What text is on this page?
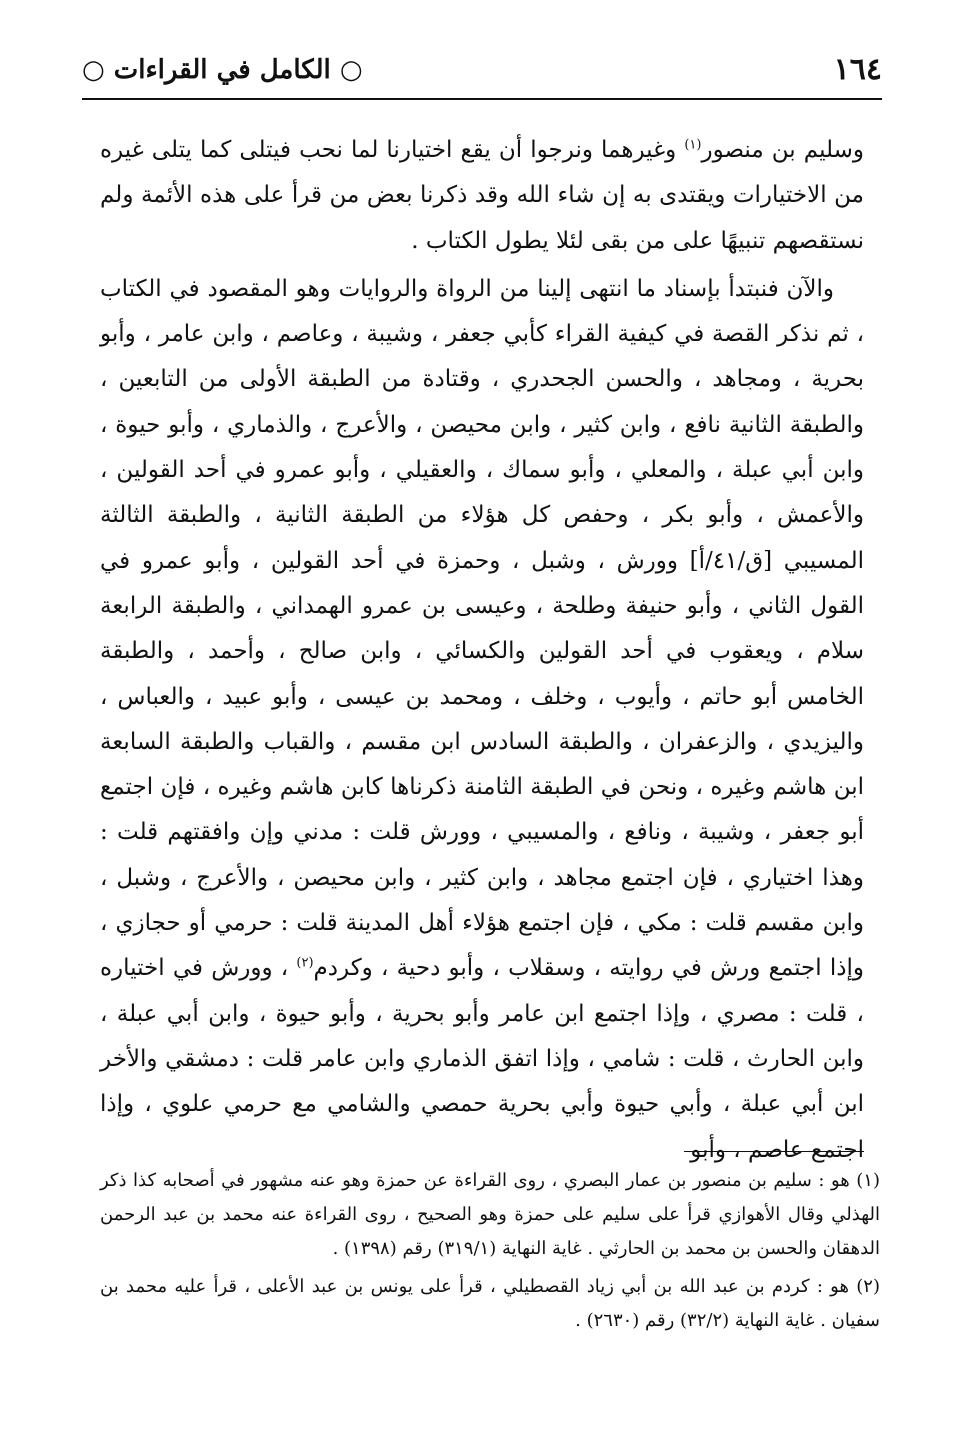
١٦٤
○ الكامل في القراءات ○

وسليم بن منصور$^{(١)}$ وغيرهما ونرجوا أن يقع اختيارنا لما نحب فيتلى كما يتلى غيره من الاختيارات ويقتدى به إن شاء الله وقد ذكرنا بعض من قرأ على هذه الأئمة ولم نستقصهم تنبيهًا على من بقى لئلا يطول الكتاب .

والآن فنبتدأ بإسناد ما انتهى إلينا من الرواة والروايات وهو المقصود في الكتاب ، ثم نذكر القصة في كيفية القراء كأبي جعفر ، وشيبة ، وعاصم ، وابن عامر ، وأبو بحرية ، ومجاهد ، والحسن الجحدري ، وقتادة من الطبقة الأولى من التابعين ، والطبقة الثانية نافع ، وابن كثير ، وابن محيصن ، والأعرج ، والذماري ، وأبو حيوة ، وابن أبي عبلة ، والمعلي ، وأبو سماك ، والعقيلي ، وأبو عمرو في أحد القولين ، والأعمش ، وأبو بكر ، وحفص كل هؤلاء من الطبقة الثانية ، والطبقة الثالثة المسيبي [ق/٤١/أ] وورش ، وشبل ، وحمزة في أحد القولين ، وأبو عمرو في القول الثاني ، وأبو حنيفة وطلحة ، وعيسى بن عمرو الهمداني ، والطبقة الرابعة سلام ، ويعقوب في أحد القولين والكسائي ، وابن صالح ، وأحمد ، والطبقة الخامس أبو حاتم ، وأيوب ، وخلف ، ومحمد بن عيسى ، وأبو عبيد ، والعباس ، واليزيدي ، والزعفران ، والطبقة السادس ابن مقسم ، والقباب والطبقة السابعة ابن هاشم وغيره ، ونحن في الطبقة الثامنة ذكرناها كابن هاشم وغيره ، فإن اجتمع أبو جعفر ، وشيبة ، ونافع ، والمسيبي ، وورش قلت : مدني وإن وافقتهم قلت : وهذا اختياري ، فإن اجتمع مجاهد ، وابن كثير ، وابن محيصن ، والأعرج ، وشبل ، وابن مقسم قلت : مكي ، فإن اجتمع هؤلاء أهل المدينة قلت : حرمي أو حجازي ، وإذا اجتمع ورش في روايته ، وسقلاب ، وأبو دحية ، وكردم$^{(٢)}$ ، وورش في اختياره ، قلت : مصري ، وإذا اجتمع ابن عامر وأبو بحرية ، وأبو حيوة ، وابن أبي عبلة ، وابن الحارث ، قلت : شامي ، وإذا اتفق الذماري وابن عامر قلت : دمشقي والأخر ابن أبي عبلة ، وأبي حيوة وأبي بحرية حمصي والشامي مع حرمي علوي ، وإذا اجتمع عاصم ، وأبو

(١) هو : سليم بن منصور بن عمار البصري ، روى القراءة عن حمزة وهو عنه مشهور في أصحابه كذا ذكر الهذلي وقال الأهوازي قرأ على سليم على حمزة وهو الصحيح ، روى القراءة عنه محمد بن عبد الرحمن الدهقان والحسن بن محمد بن الحارثي . غاية النهاية (٣١٩/١) رقم (١٣٩٨) .

(٢) هو : كردم بن عبد الله بن أبي زياد القصطيلي ، قرأ على يونس بن عبد الأعلى ، قرأ عليه محمد بن سفيان . غاية النهاية (٣٢/٢) رقم (٢٦٣٠) .
